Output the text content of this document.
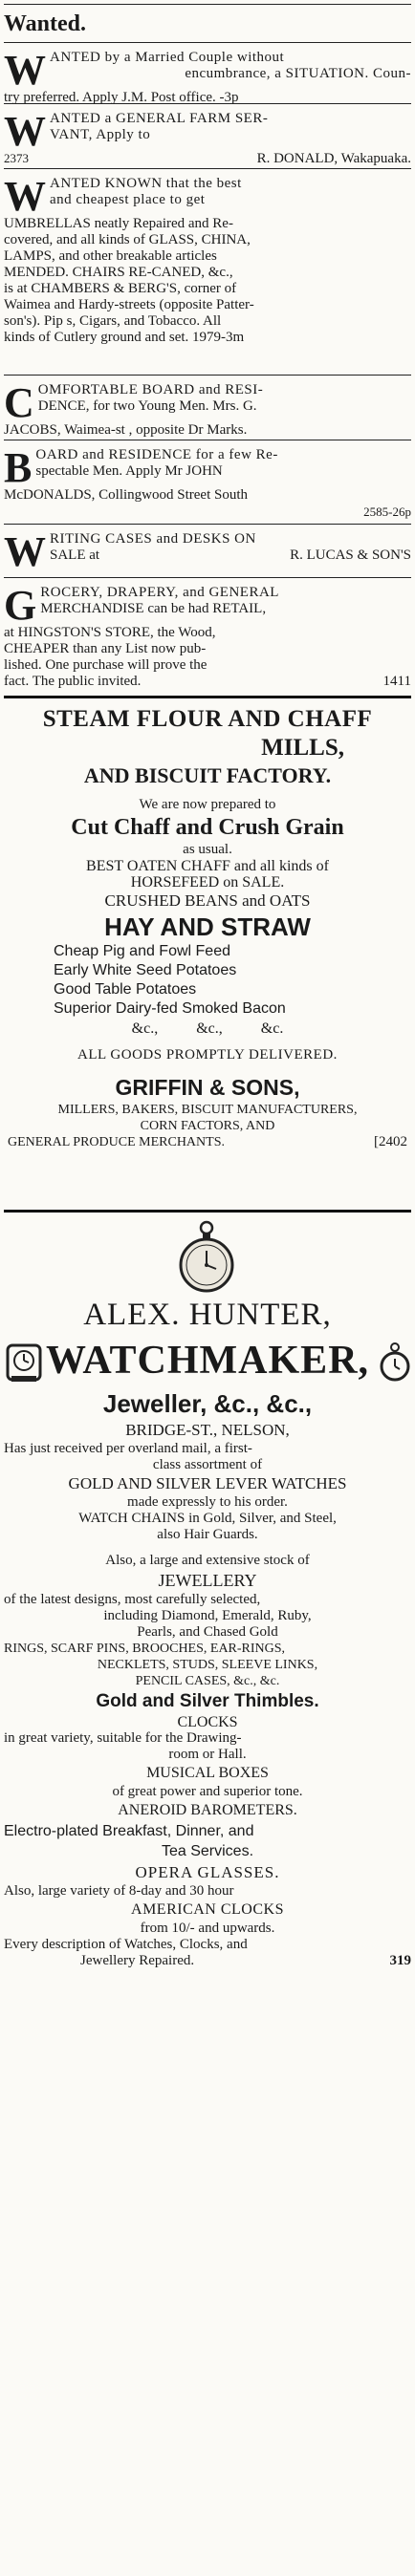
Wanted.

W ANTED by a Married Couple without

encumbrance, a SITUATION. Coun-

try preferred. Apply J.M. Post office. -3p

W ANTED a GENERAL FARM SER-

VANT, Apply to

2373	R. DONALD, Wakapuaka.
W ANTED KNOWN that the best

and cheapest place to get

UMBRELLAS neatly Repaired and Re-

covered, and all kinds of GLASS, CHINA,

LAMPS, and other breakable articles

MENDED. CHAIRS RE-CANED, &c.,

is at CHAMBERS & BERG'S, corner of

Waimea and Hardy-streets (opposite Patter-

son's). Pip s, Cigars, and Tobacco. All

kinds of Cutlery ground and set. 1979-3m

C OMFORTABLE BOARD and RESI-

DENCE, for two Young Men. Mrs. G.

JACOBS, Waimea-st , opposite Dr Marks.

B OARD and RESIDENCE for a few Re-

spectable Men. Apply Mr JOHN

McDONALDS, Collingwood Street South

2585-26p

W RITING CASES and DESKS ON

SALE at	R. LUCAS & SON'S
G ROCERY, DRAPERY, and GENERAL

MERCHANDISE can be had RETAIL,

at HINGSTON'S STORE, the Wood,

CHEAPER than any List now pub-

lished. One purchase will prove the

fact. The public invited.	1411

STEAM FLOUR AND CHAFF

MILLS,

AND BISCUIT FACTORY.

We are now prepared to

Cut Chaff and Crush Grain

as usual.

BEST OATEN CHAFF and all kinds of

HORSEFEED on SALE.

CRUSHED BEANS and OATS

HAY AND STRAW

Cheap Pig and Fowl Feed

Early White Seed Potatoes

Good Table Potatoes

Superior Dairy-fed Smoked Bacon

&c.,          &c.,          &c.

ALL GOODS PROMPTLY DELIVERED.

GRIFFIN & SONS,

MILLERS, BAKERS, BISCUIT MANUFACTURERS,

CORN FACTORS, AND

GENERAL PRODUCE MERCHANTS.	[2402

ALEX. HUNTER,

WATCHMAKER,

Jeweller, &c., &c.,

BRIDGE-ST., NELSON,

Has just received per overland mail, a first-

class assortment of

GOLD AND SILVER LEVER WATCHES

made expressly to his order.

WATCH CHAINS in Gold, Silver, and Steel,

also Hair Guards.

Also, a large and extensive stock of

JEWELLERY

of the latest designs, most carefully selected,

including Diamond, Emerald, Ruby,

Pearls, and Chased Gold

RINGS, SCARF PINS, BROOCHES, EAR-RINGS,

NECKLETS, STUDS, SLEEVE LINKS,

PENCIL CASES, &c., &c.

Gold and Silver Thimbles.

CLOCKS

in great variety, suitable for the Drawing-

room or Hall.

MUSICAL BOXES

of great power and superior tone.

ANEROID BAROMETERS.

Electro-plated Breakfast, Dinner, and

Tea Services.

OPERA GLASSES.

Also, large variety of 8-day and 30 hour

AMERICAN CLOCKS

from 10/- and upwards.

Every description of Watches, Clocks, and

Jewellery Repaired.	319
